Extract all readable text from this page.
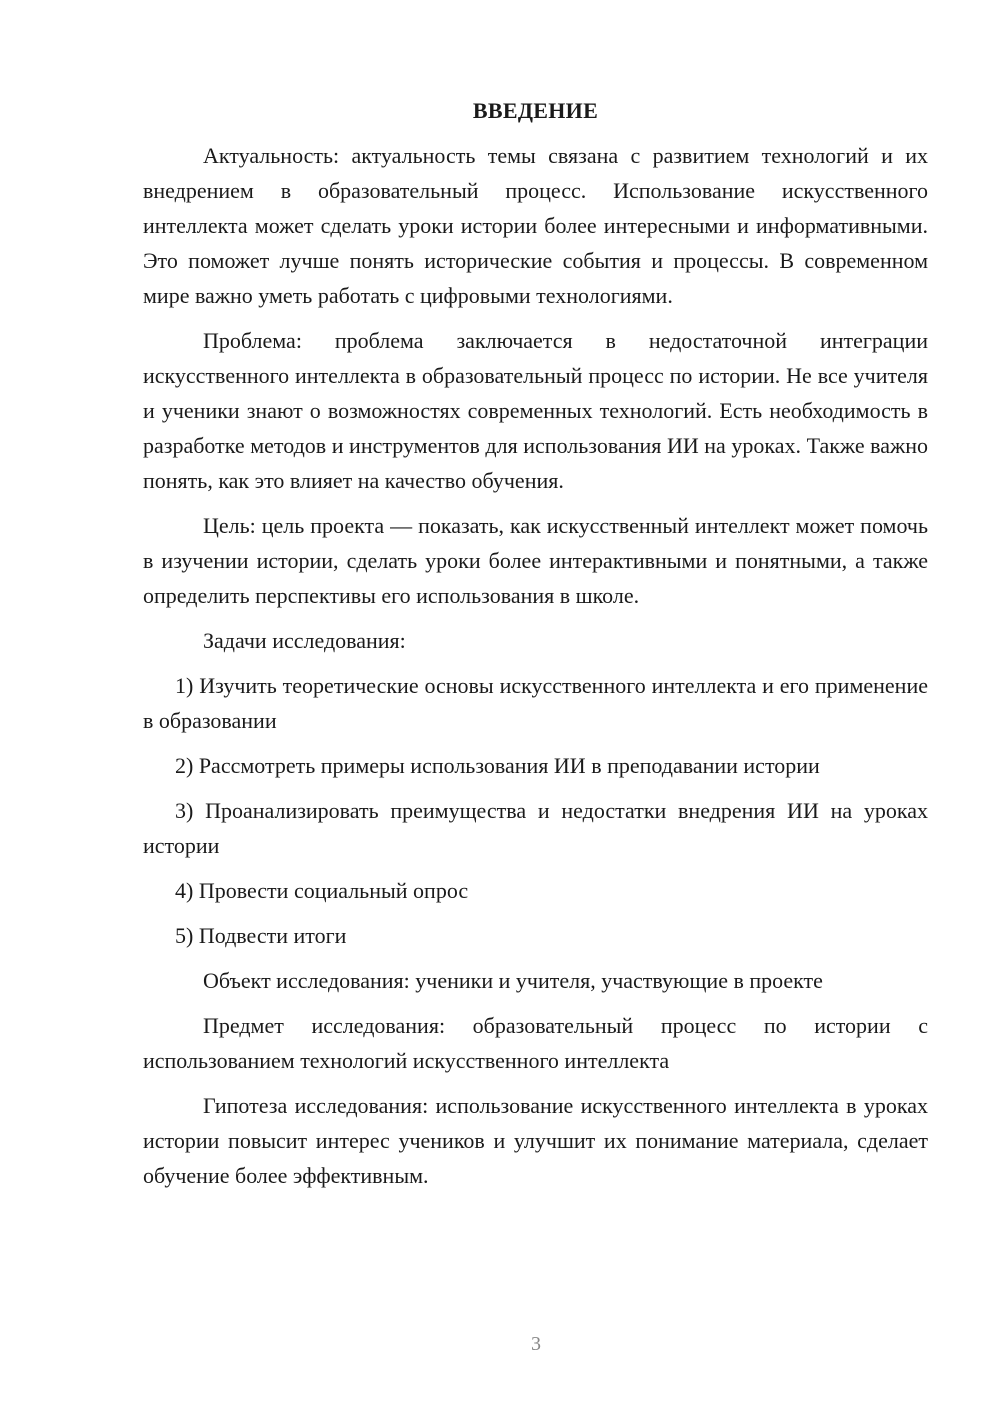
ВВЕДЕНИЕ

Актуальность: актуальность темы связана с развитием технологий и их внедрением в образовательный процесс. Использование искусственного интеллекта может сделать уроки истории более интересными и информативными. Это поможет лучше понять исторические события и процессы. В современном мире важно уметь работать с цифровыми технологиями.

Проблема: проблема заключается в недостаточной интеграции искусственного интеллекта в образовательный процесс по истории. Не все учителя и ученики знают о возможностях современных технологий. Есть необходимость в разработке методов и инструментов для использования ИИ на уроках. Также важно понять, как это влияет на качество обучения.

Цель: цель проекта — показать, как искусственный интеллект может помочь в изучении истории, сделать уроки более интерактивными и понятными, а также определить перспективы его использования в школе.

Задачи исследования:

1) Изучить теоретические основы искусственного интеллекта и его применение в образовании

2) Рассмотреть примеры использования ИИ в преподавании истории

3) Проанализировать преимущества и недостатки внедрения ИИ на уроках истории

4) Провести социальный опрос

5) Подвести итоги

Объект исследования: ученики и учителя, участвующие в проекте

Предмет исследования: образовательный процесс по истории с использованием технологий искусственного интеллекта

Гипотеза исследования: использование искусственного интеллекта в уроках истории повысит интерес учеников и улучшит их понимание материала, сделает обучение более эффективным.

3
